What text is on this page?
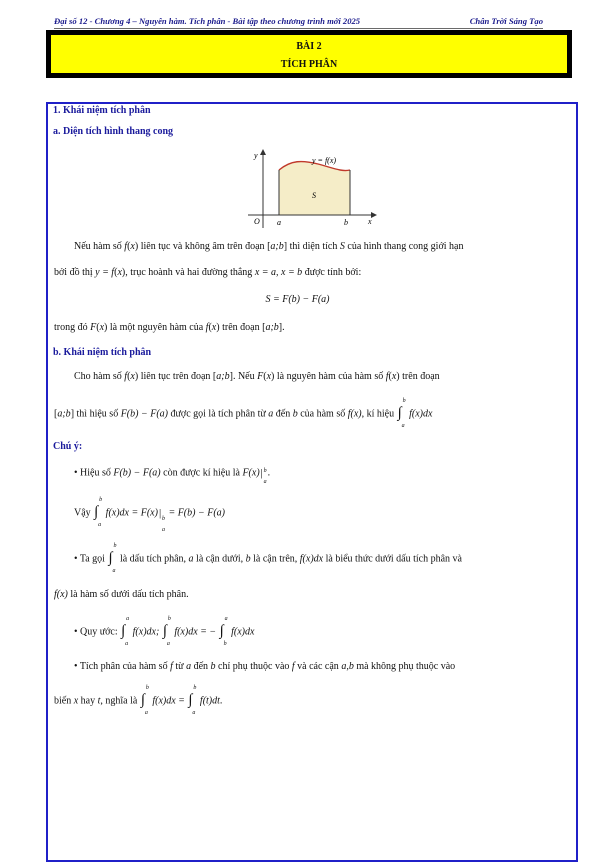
Đại số 12 - Chương 4 – Nguyên hàm. Tích phân - Bài tập theo chương trình mới 2025	Chân Trời Sáng Tạo
BÀI 2
TÍCH PHÂN
1. Khái niệm tích phân
a. Diện tích hình thang cong
y
x
O a	b
y = f(x)
S
Nếu hàm số f(x) liên tục và không âm trên đoạn [a;b] thì diện tích S của hình thang cong giới hạn
bởi đồ thị y = f(x), trục hoành và hai đường thẳng x = a, x = b được tính bởi:
S = F(b) − F(a)
trong đó F(x) là một nguyên hàm của f(x) trên đoạn [a;b].
b. Khái niệm tích phân
Cho hàm số f(x) liên tục trên đoạn [a;b]. Nếu F(x) là nguyên hàm của hàm số f(x) trên đoạn
[a;b] thì hiệu số F(b) − F(a) được gọi là tích phân từ a đến b của hàm số f(x), kí hiệu ∫
b
a
f(x)dx
Chú ý:
• Hiệu số F(b) − F(a) còn được kí hiệu là F(x) | b
a
.
Vậy ∫
b
a
f(x)dx = F(x) | b
a
= F(b) − F(a)
• Ta gọi ∫
b
a
là dấu tích phân, a là cận dưới, b là cận trên, f(x)dx là biểu thức dưới dấu tích phân và
f(x) là hàm số dưới dấu tích phân.
• Quy ước: ∫
a
a
f(x)dx; ∫
b
a
f(x)dx = − ∫
a
b
f(x)dx
• Tích phân của hàm số f từ a đến b chỉ phụ thuộc vào f và các cận a,b mà không phụ thuộc vào
biến x hay t, nghĩa là ∫
b
a
f(x)dx = ∫
b
a
f(t)dt.
